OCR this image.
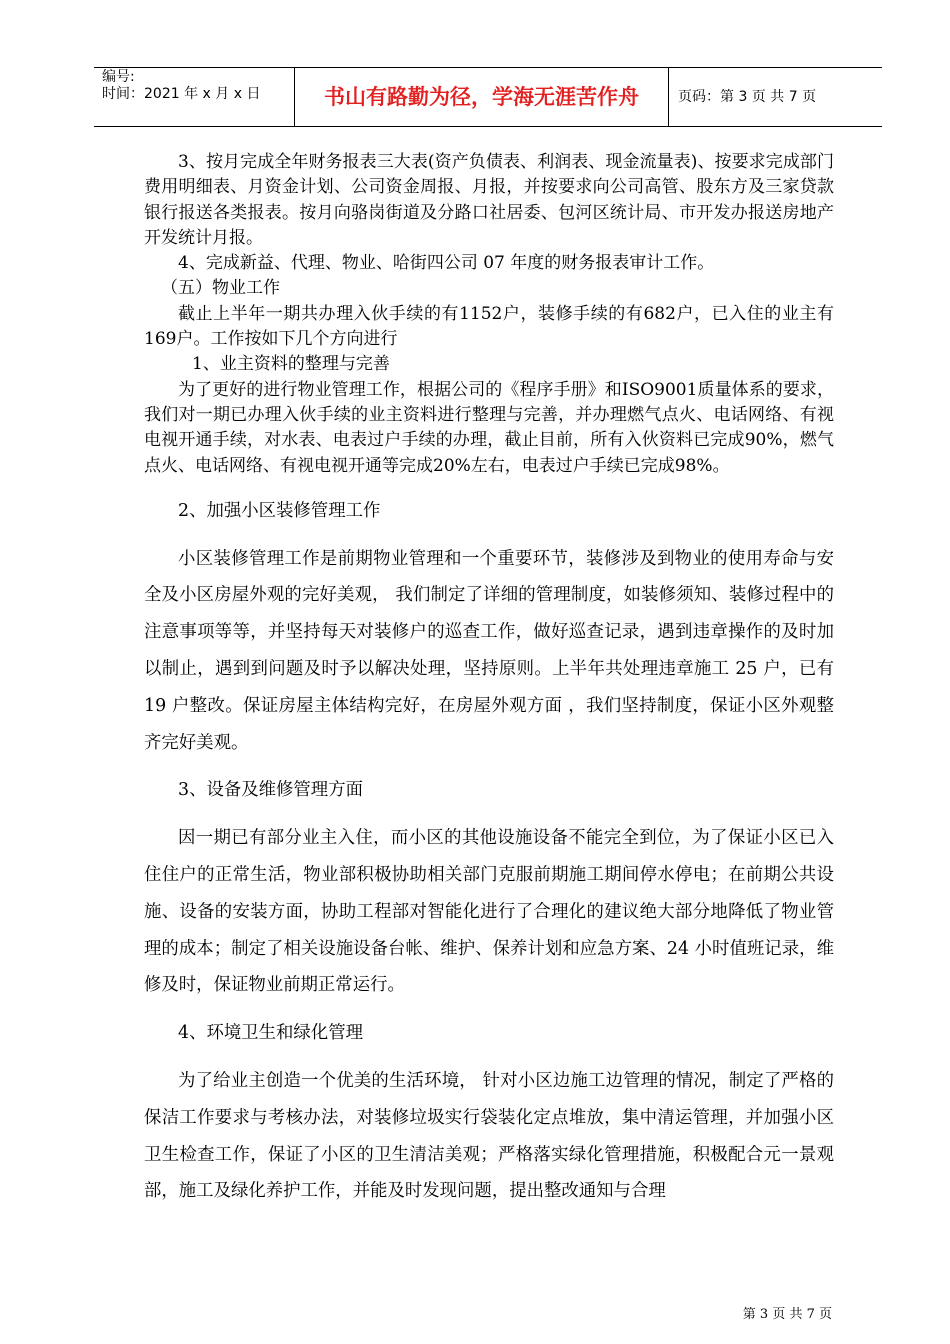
编号:
时间：2021 年 x 月 x 日	书山有路勤为径，学海无涯苦作舟	页码：第 3 页 共 7 页

3、按月完成全年财务报表三大表(资产负债表、利润表、现金流量表)、按要求完成部门费用明细表、月资金计划、公司资金周报、月报，并按要求向公司高管、股东方及三家贷款银行报送各类报表。按月向骆岗街道及分路口社居委、包河区统计局、市开发办报送房地产开发统计月报。

4、完成新益、代理、物业、哈街四公司 07 年度的财务报表审计工作。

（五）物业工作

截止上半年一期共办理入伙手续的有1152户，装修手续的有682户，已入住的业主有169户。工作按如下几个方向进行

1、业主资料的整理与完善

为了更好的进行物业管理工作，根据公司的《程序手册》和ISO9001质量体系的要求，我们对一期已办理入伙手续的业主资料进行整理与完善，并办理燃气点火、电话网络、有视电视开通手续，对水表、电表过户手续的办理，截止目前，所有入伙资料已完成90%，燃气点火、电话网络、有视电视开通等完成20%左右，电表过户手续已完成98%。

2、加强小区装修管理工作

小区装修管理工作是前期物业管理和一个重要环节，装修涉及到物业的使用寿命与安全及小区房屋外观的完好美观， 我们制定了详细的管理制度，如装修须知、装修过程中的注意事项等等，并坚持每天对装修户的巡查工作，做好巡查记录，遇到违章操作的及时加以制止，遇到到问题及时予以解决处理，坚持原则。上半年共处理违章施工 25 户，已有 19 户整改。保证房屋主体结构完好，在房屋外观方面 ，我们坚持制度，保证小区外观整齐完好美观。

3、设备及维修管理方面

因一期已有部分业主入住，而小区的其他设施设备不能完全到位，为了保证小区已入住住户的正常生活，物业部积极协助相关部门克服前期施工期间停水停电；在前期公共设施、设备的安装方面，协助工程部对智能化进行了合理化的建议绝大部分地降低了物业管理的成本；制定了相关设施设备台帐、维护、保养计划和应急方案、24 小时值班记录，维修及时，保证物业前期正常运行。

4、环境卫生和绿化管理

为了给业主创造一个优美的生活环境， 针对小区边施工边管理的情况，制定了严格的保洁工作要求与考核办法，对装修垃圾实行袋装化定点堆放，集中清运管理，并加强小区卫生检查工作，保证了小区的卫生清洁美观；严格落实绿化管理措施，积极配合元一景观部，施工及绿化养护工作，并能及时发现问题，提出整改通知与合理

第 3 页 共 7 页
